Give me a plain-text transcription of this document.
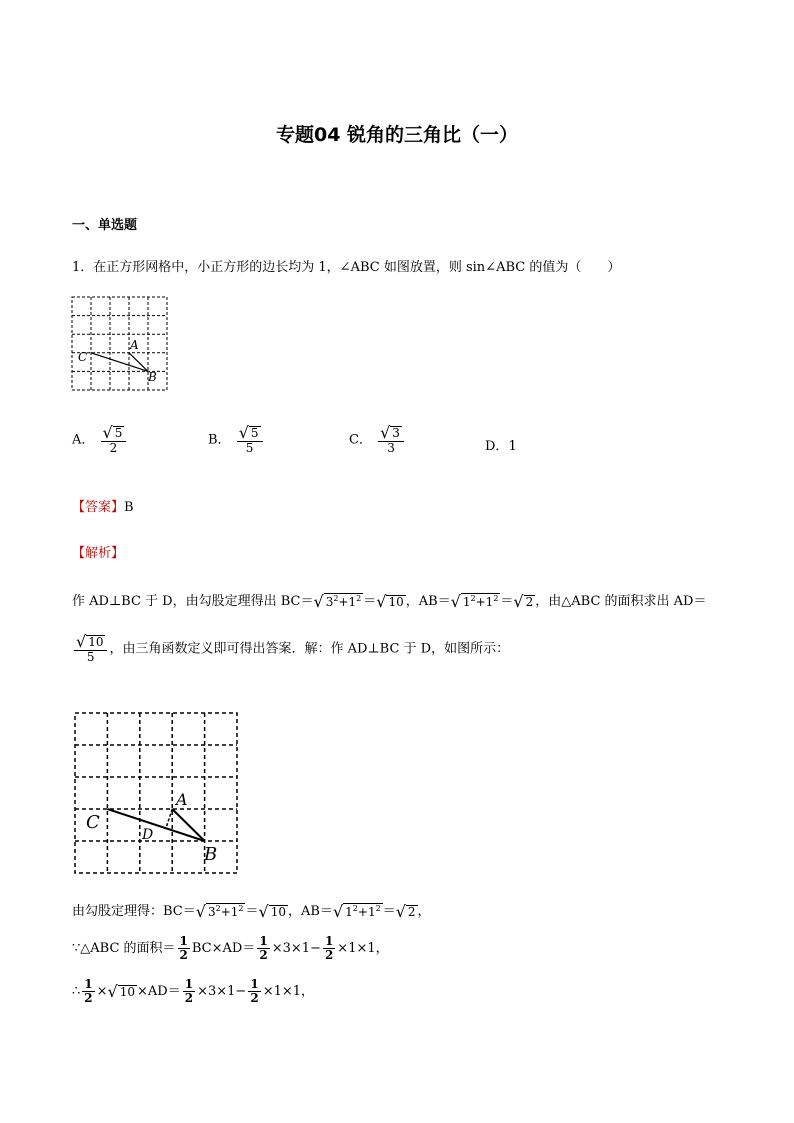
专题04 锐角的三角比（一）
一、单选题
1．在正方形网格中，小正方形的边长均为 1，∠ABC 如图放置，则 sin∠ABC 的值为（　　）
C
A
B
A． $\frac{√ 5}{2}$	B． $\frac{√ 5}{5}$	C． $\frac{√ 3}{3}$	D．1
【答案】B
【解析】
作 AD⊥BC 于 D，由勾股定理得出 BC＝ √ $3^2+1^2$ ＝ √ 10 ，AB＝ √ $1^2+1^2$ ＝ √ 2 ，由△ABC 的面积求出 AD＝
$\frac{√ 10}{5}$ ，由三角函数定义即可得出答案．解：作 AD⊥BC 于 D，如图所示：
C
A
D
B
由勾股定理得：BC＝ √ $3^2+1^2$ ＝ √ 10 ，AB＝ √ $1^2+1^2$ ＝ √ 2 ，
∵△ABC 的面积＝ $\frac{1}{2} BC\times AD= \frac{1}{2} \times 3\times 1- \frac{1}{2} \times 1\times 1$，
∴ $\frac{1}{2}$ × √ $10 \times AD= \frac{1}{2} \times 3\times 1- \frac{1}{2} \times 1\times 1$，
